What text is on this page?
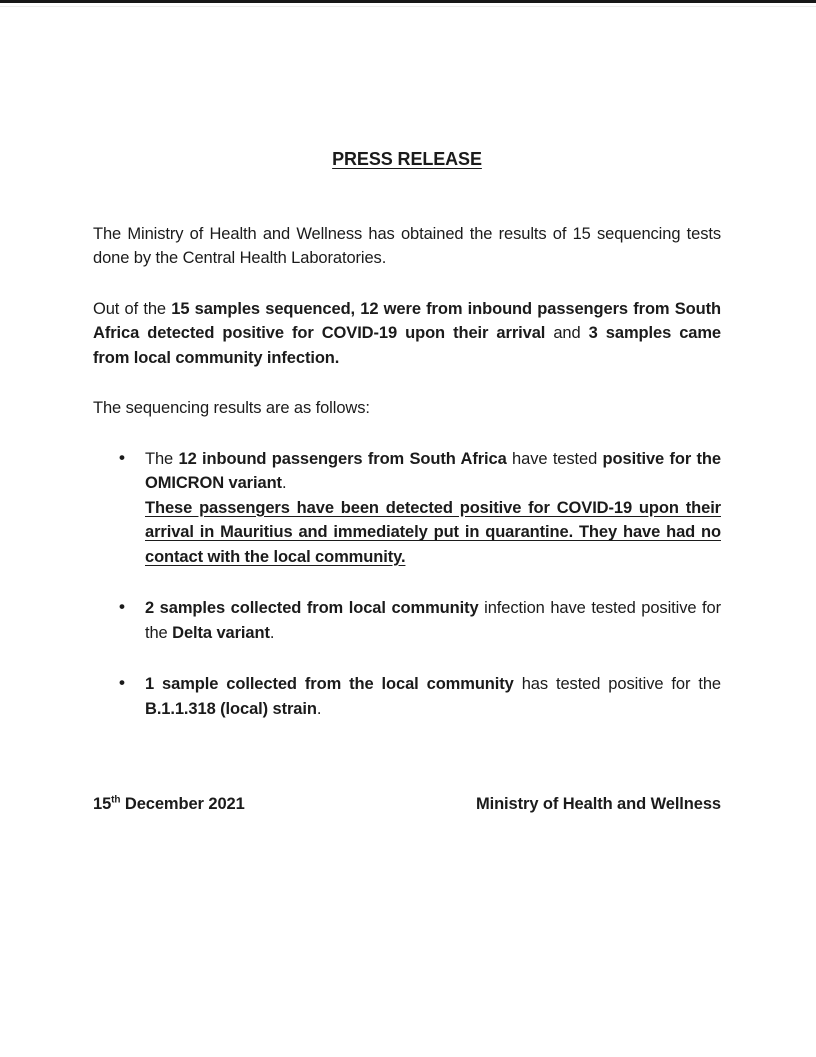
PRESS RELEASE

The Ministry of Health and Wellness has obtained the results of 15 sequencing tests done by the Central Health Laboratories.

Out of the 15 samples sequenced, 12 were from inbound passengers from South Africa detected positive for COVID-19 upon their arrival and 3 samples came from local community infection.

The sequencing results are as follows:

• The 12 inbound passengers from South Africa have tested positive for the OMICRON variant.
These passengers have been detected positive for COVID-19 upon their arrival in Mauritius and immediately put in quarantine. They have had no contact with the local community.
• 2 samples collected from local community infection have tested positive for the Delta variant.
• 1 sample collected from the local community has tested positive for the B.1.1.318 (local) strain.
15th December 2021	Ministry of Health and Wellness
